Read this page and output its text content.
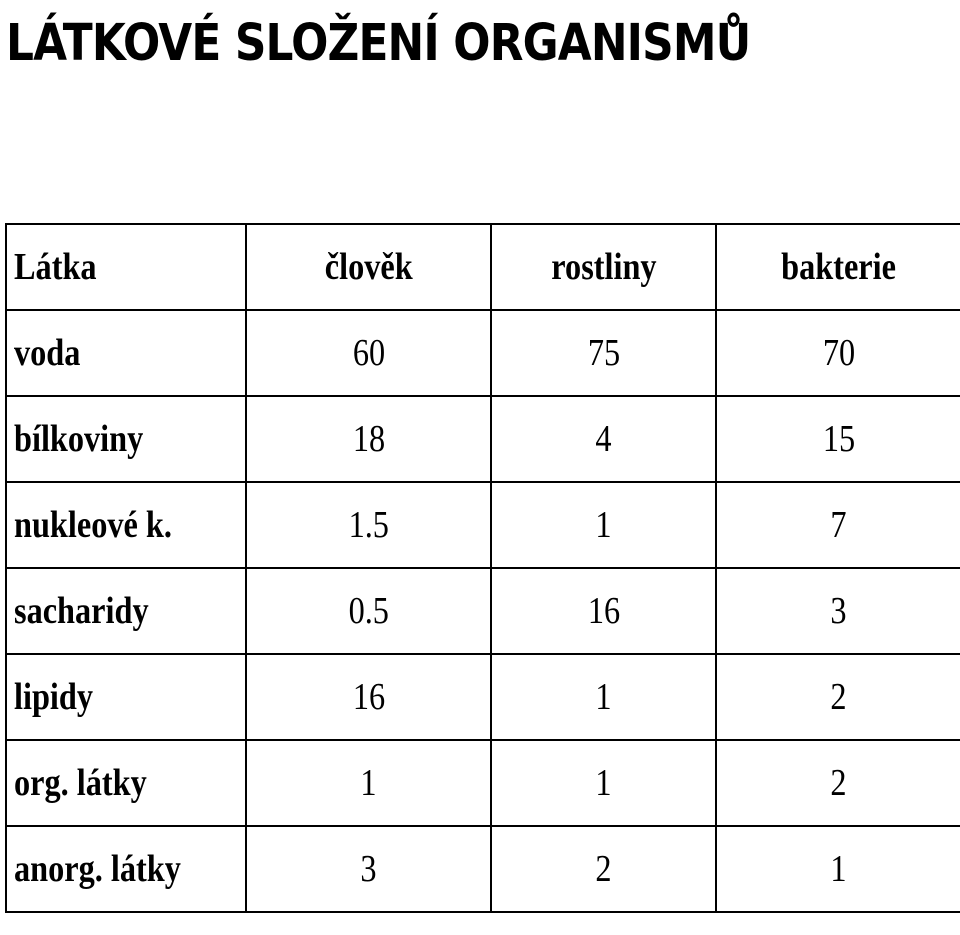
LÁTKOVÉ SLOŽENÍ ORGANISMŮ
Látka	člověk	rostliny	bakterie
voda	60	75	70
bílkoviny	18	4	15
nukleové k.	1.5	1	7
sacharidy	0.5	16	3
lipidy	16	1	2
org. látky	1	1	2
anorg. látky	3	2	1
